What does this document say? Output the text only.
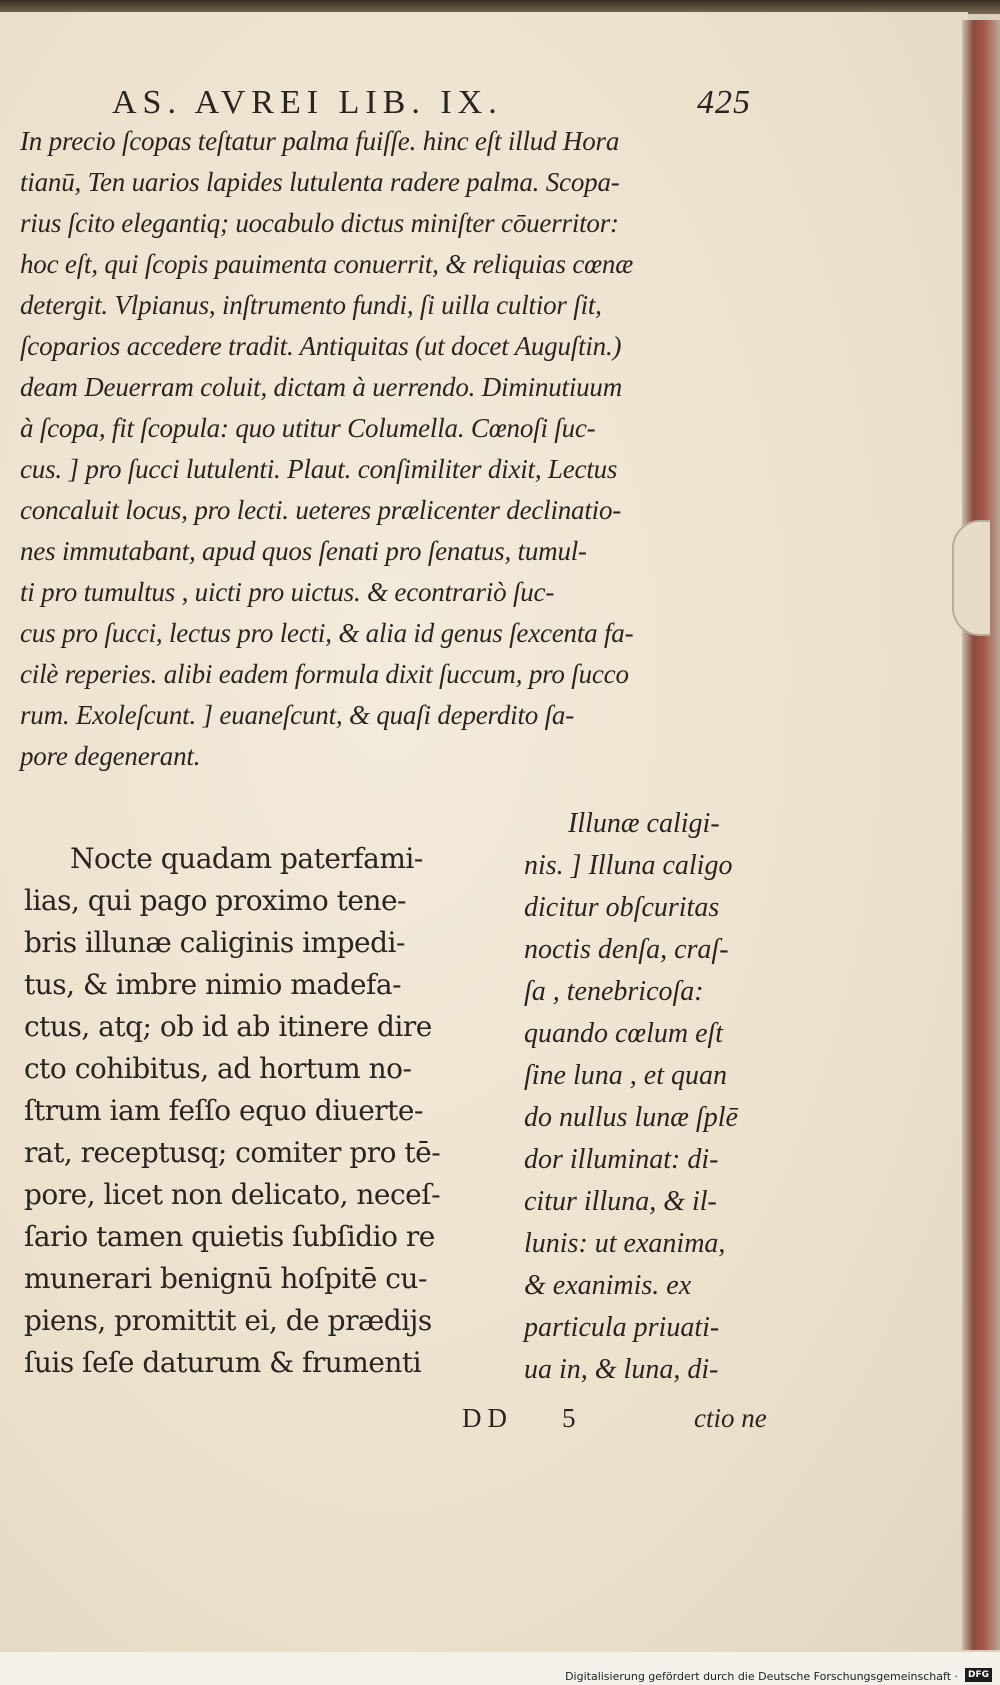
AS. AVREI LIB. IX.	425
In precio ſcopas teſtatur palma fuiſſe. hinc eſt illud Hora
tianū, Ten uarios lapides lutulenta radere palma. Scopa-
rius ſcito elegantiq; uocabulo dictus miniſter cōuerritor:
hoc eſt, qui ſcopis pauimenta conuerrit, & reliquias cœnæ
detergit. Vlpianus, inſtrumento fundi, ſi uilla cultior ſit,
ſcoparios accedere tradit. Antiquitas (ut docet Auguſtin.)
deam Deuerram coluit, dictam à uerrendo. Diminutiuum
à ſcopa, fit ſcopula: quo utitur Columella. Cœnoſi ſuc-
cus. ] pro ſucci lutulenti. Plaut. conſimiliter dixit, Lectus
concaluit locus, pro lecti. ueteres prælicenter declinatio-
nes immutabant, apud quos ſenati pro ſenatus, tumul-
ti pro tumultus , uicti pro uictus. & econtrariò ſuc-
cus pro ſucci, lectus pro lecti, & alia id genus ſexcenta fa-
cilè reperies. alibi eadem formula dixit ſuccum, pro ſucco
rum. Exoleſcunt. ] euaneſcunt, & quaſi deperdito ſa-
pore degenerant.
Nocte quadam paterfami-
lias, qui pago proximo tene-
bris illunæ caliginis impedi-
tus, & imbre nimio madefa-
ctus, atq; ob id ab itinere dire
cto cohibitus, ad hortum no-
ſtrum iam feſſo equo diuerte-
rat, receptusq; comiter pro tē-
pore, licet non delicato, neceſ-
ſario tamen quietis ſubſidio re
munerari benignū hoſpitē cu-
piens, promittit ei, de prædijs
ſuis ſeſe daturum & frumenti
Illunæ caligi-
nis. ] Illuna caligo
dicitur obſcuritas
noctis denſa, craſ-
ſa , tenebricoſa:
quando cœlum eſt
ſine luna , et quan
do nullus lunæ ſplē
dor illuminat: di-
citur illuna, & il-
lunis: ut exanima,
& exanimis. ex
particula priuati-
ua in, & luna, di-
DD 5	ctio ne
Digitalisierung gefördert durch die Deutsche Forschungsgemeinschaft ·	DFG
